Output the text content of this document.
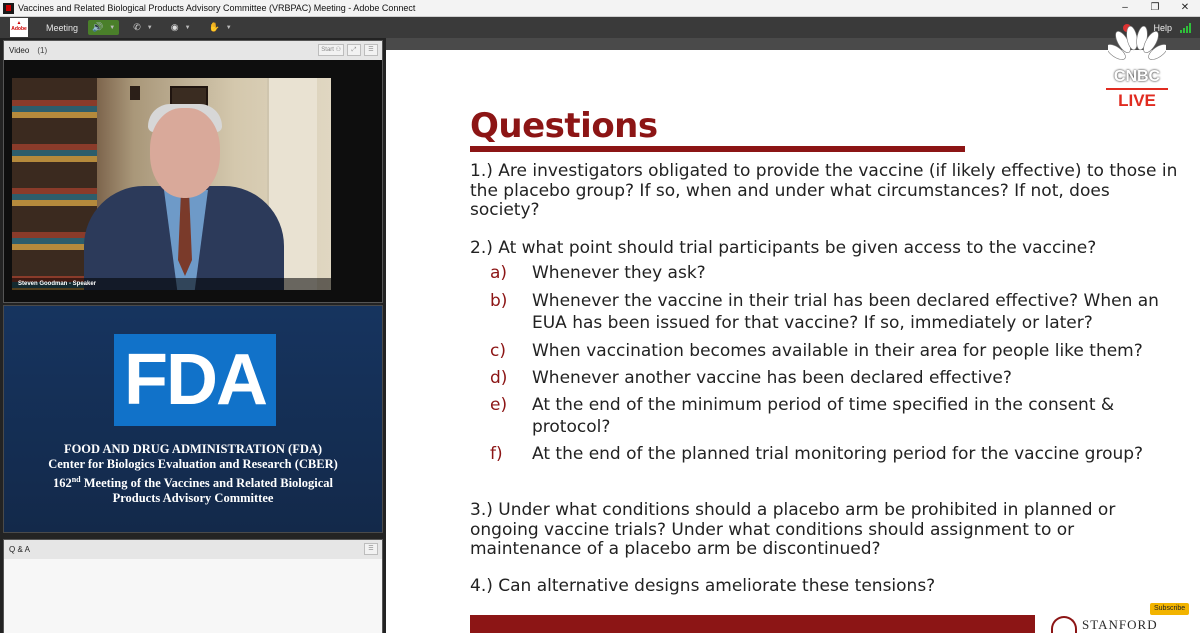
Vaccines and Related Biological Products Advisory Committee (VRBPAC) Meeting - Adobe Connect	–	❐	✕
▲
Adobe Meeting 🔊 ▼ ✆ ▼ ◉ ▼ ✋ ▼	Help
Video (1)	Start ⚇	⤢	☰
Steven Goodman - Speaker
FDA
FOOD AND DRUG ADMINISTRATION (FDA)
Center for Biologics Evaluation and Research (CBER)
162nd Meeting of the Vaccines and Related Biological
Products Advisory Committee
Q & A	☰
Questions
1.) Are investigators obligated to provide the vaccine (if likely effective) to those in the placebo group? If so, when and under what circumstances? If not, does society?
2.) At what point should trial participants be given access to the vaccine?
a) Whenever they ask?
b) Whenever the vaccine in their trial has been declared effective? When an EUA has been issued for that vaccine? If so, immediately or later?
c) When vaccination becomes available in their area for people like them?
d) Whenever another vaccine has been declared effective?
e) At the end of the minimum period of time specified in the consent & protocol?
f) At the end of the planned trial monitoring period for the vaccine group?
3.) Under what conditions should a placebo arm be prohibited in planned or ongoing vaccine trials? Under what conditions should assignment to or maintenance of a placebo arm be discontinued?
4.) Can alternative designs ameliorate these tensions?
STANFORD
CNBC
LIVE
Subscribe
